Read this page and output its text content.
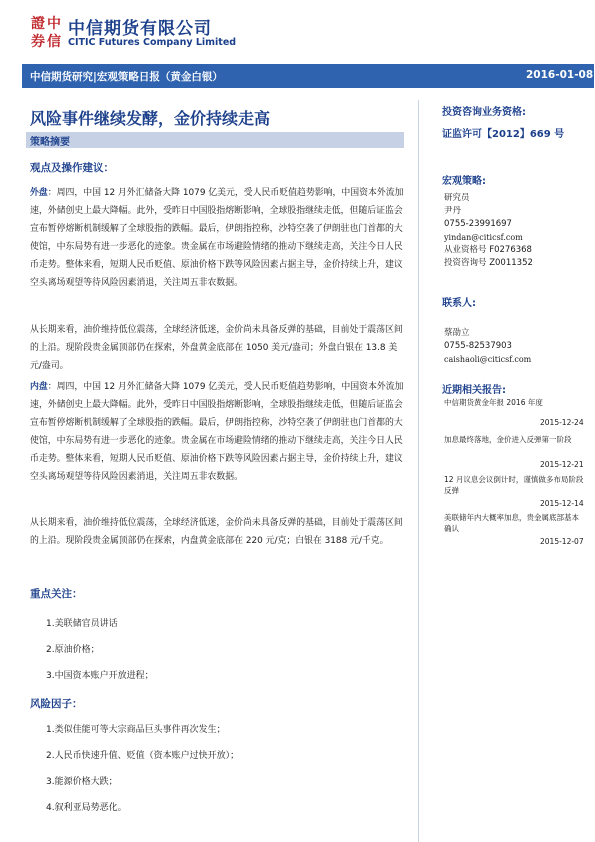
證 中
券 信
中信期货有限公司
CITIC Futures Company Limited
中信期货研究|宏观策略日报（黄金白银）	2016-01-08
风险事件继续发酵，金价持续走高
策略摘要
观点及操作建议：
外盘：周四，中国 12 月外汇储备大降 1079 亿美元，受人民币贬值趋势影响，中国资本外流加速，外储创史上最大降幅。此外，受昨日中国股指熔断影响，全球股指继续走低，但随后证监会宣布暂停熔断机制缓解了全球股指的跌幅。最后，伊朗指控称，沙特空袭了伊朗驻也门首都的大使馆，中东局势有进一步恶化的迹象。贵金属在市场避险情绪的推动下继续走高，关注今日人民币走势。整体来看，短期人民币贬值、原油价格下跌等风险因素占据主导，金价持续上升，建议空头离场观望等待风险因素消退，关注周五非农数据。
从长期来看，油价维持低位震荡，全球经济低迷，金价尚未具备反弹的基础，目前处于震荡区间的上沿。现阶段贵金属顶部仍在探索，外盘黄金底部在 1050 美元/盎司；外盘白银在 13.8 美元/盎司。
内盘：周四，中国 12 月外汇储备大降 1079 亿美元，受人民币贬值趋势影响，中国资本外流加速，外储创史上最大降幅。此外，受昨日中国股指熔断影响，全球股指继续走低，但随后证监会宣布暂停熔断机制缓解了全球股指的跌幅。最后，伊朗指控称，沙特空袭了伊朗驻也门首都的大使馆，中东局势有进一步恶化的迹象。贵金属在市场避险情绪的推动下继续走高，关注今日人民币走势。整体来看，短期人民币贬值、原油价格下跌等风险因素占据主导，金价持续上升，建议空头离场观望等待风险因素消退，关注周五非农数据。
从长期来看，油价维持低位震荡，全球经济低迷，金价尚未具备反弹的基础，目前处于震荡区间的上沿。现阶段贵金属顶部仍在探索，内盘黄金底部在 220 元/克；白银在 3188 元/千克。
重点关注：
1.美联储官员讲话
2.原油价格；
3.中国资本账户开放进程；
风险因子：
1.类似佳能可等大宗商品巨头事件再次发生；
2.人民币快速升值、贬值（资本账户过快开放）；
3.能源价格大跌；
4.叙利亚局势恶化。
投资咨询业务资格:
证监许可【2012】669 号
宏观策略:
研究员
尹丹
0755-23991697
yindan@citicsf.com
从业资格号 F0276368
投资咨询号 Z0011352
联系人:
蔡劭立
0755-82537903
caishaoli@citicsf.com
近期相关报告:
中信期货黄金年报 2016 年度
2015-12-24
加息最终落地，金价进入反弹第一阶段
2015-12-21
12 月议息会议倒计时，谨慎做多布局阶段反弹
2015-12-14
美联储年内大概率加息，贵金属底部基本确认
2015-12-07
